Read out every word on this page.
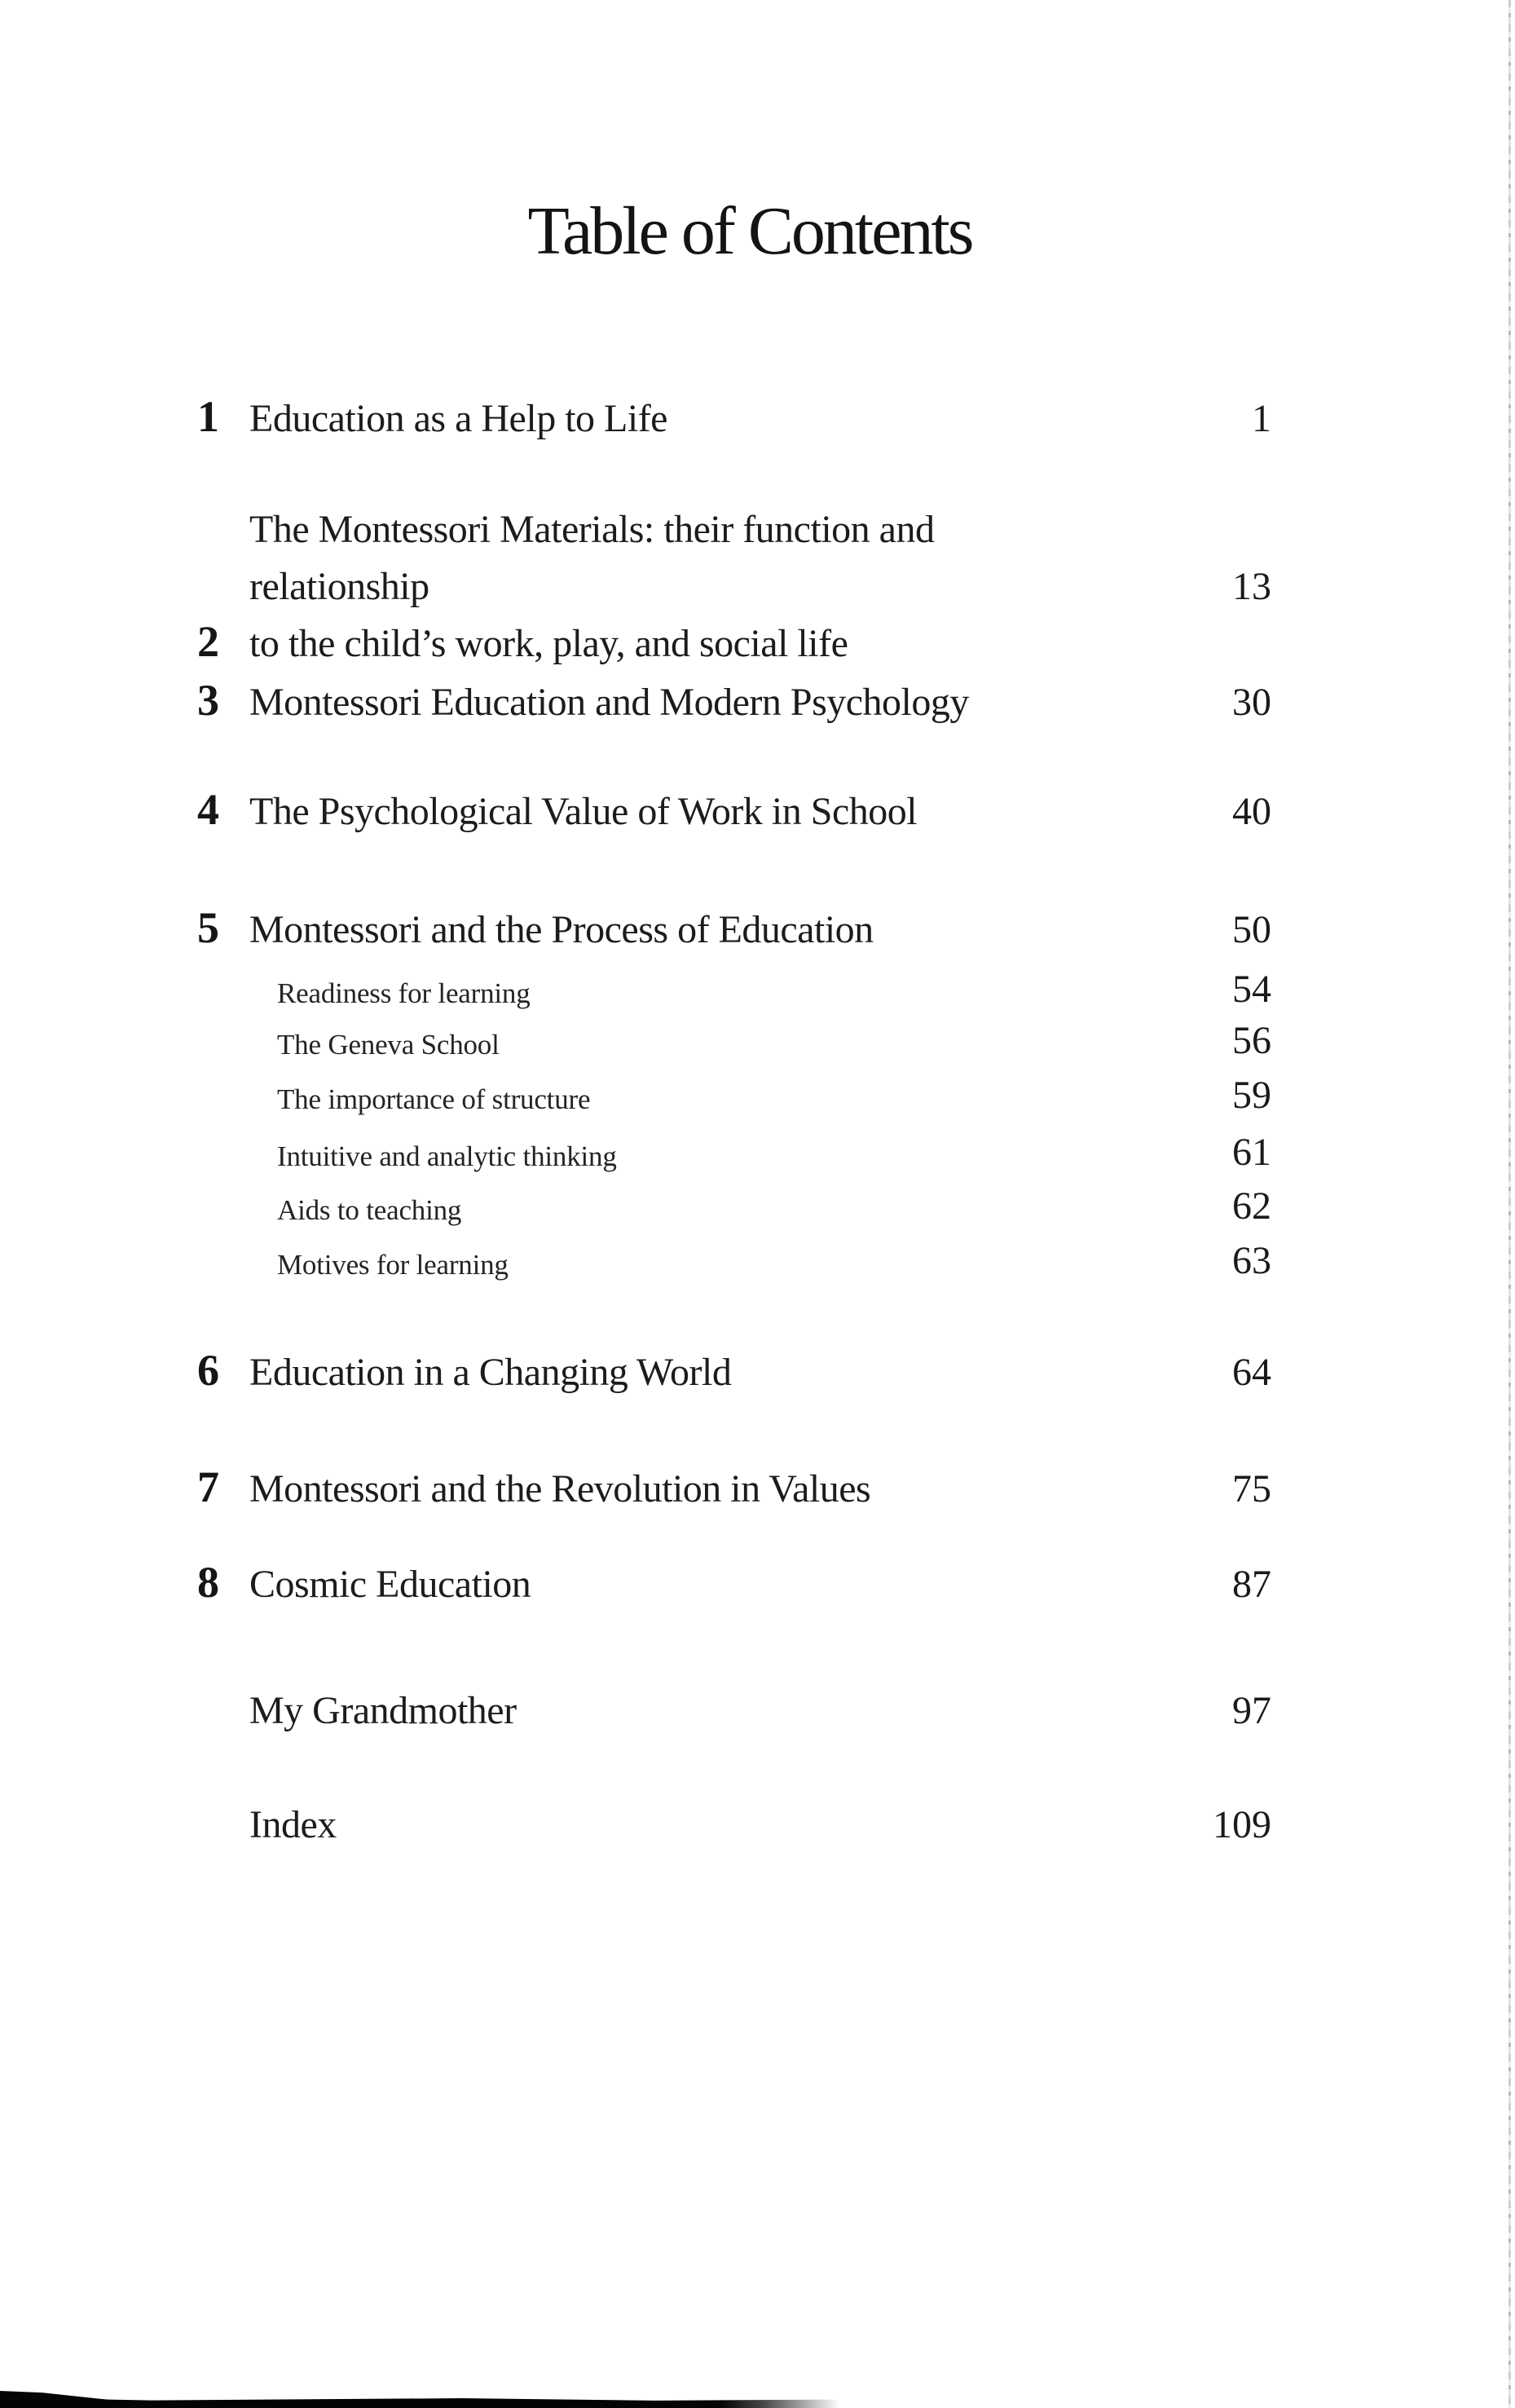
Table of Contents
1 Education as a Help to Life
2The Montessori Materials: their function and relationship
to the child’s work, play, and social life
3 Montessori Education and Modern Psychology
4 The Psychological Value of Work in School
5 Montessori and the Process of Education
Readiness for learning
The Geneva School
The importance of structure
Intuitive and analytic thinking
Aids to teaching
Motives for learning
6 Education in a Changing World
7 Montessori and the Revolution in Values
8 Cosmic Education
My Grandmother
Index
1
13
30
40
50
54
56
59
61
62
63
64
75
87
97
109
